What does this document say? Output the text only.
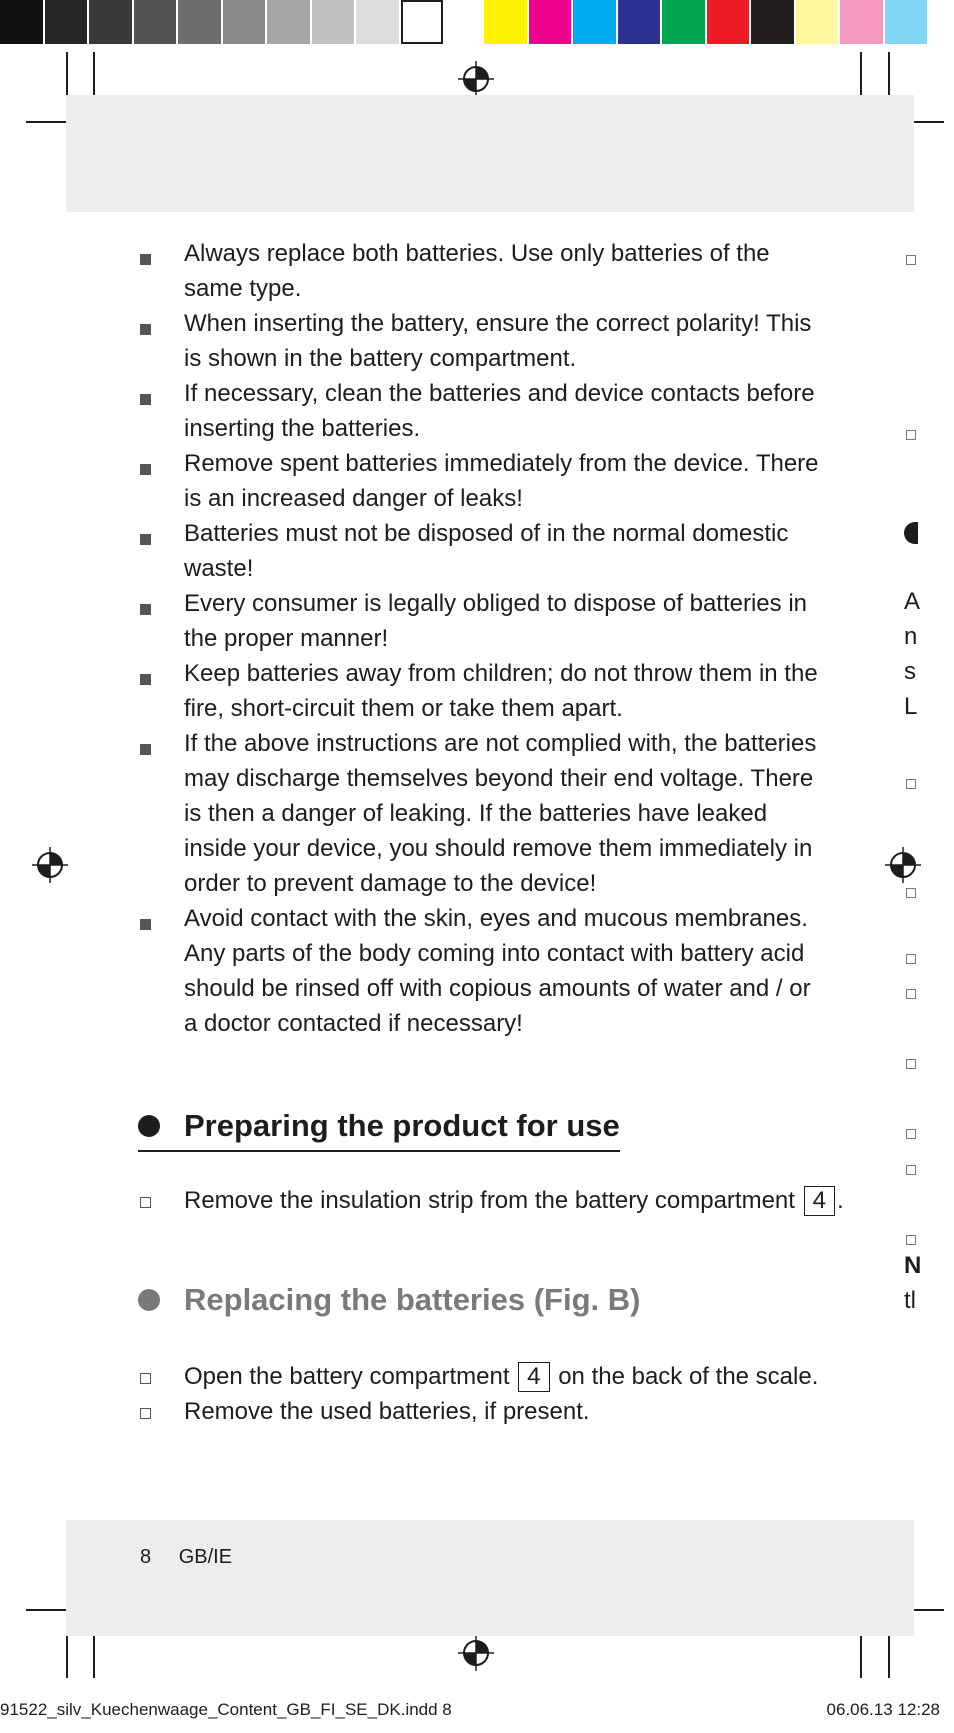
Always replace both batteries. Use only batteries of the same type.
When inserting the battery, ensure the correct polarity! This is shown in the battery compartment.
If necessary, clean the batteries and device contacts before inserting the batteries.
Remove spent batteries immediately from the device. There is an increased danger of leaks!
Batteries must not be disposed of in the normal domestic waste!
Every consumer is legally obliged to dispose of batteries in the proper manner!
Keep batteries away from children; do not throw them in the fire, short-circuit them or take them apart.
If the above instructions are not complied with, the batteries may discharge themselves beyond their end voltage. There is then a danger of leaking. If the batteries have leaked inside your device, you should remove them immediately in order to prevent damage to the device!
Avoid contact with the skin, eyes and mucous membranes. Any parts of the body coming into contact with battery acid should be rinsed off with copious amounts of water and / or a doctor contacted if necessary!
Preparing the product for use
Remove the insulation strip from the battery compartment 4 .
Replacing the batteries (Fig. B)
Open the battery compartment 4 on the back of the scale.
Remove the used batteries, if present.
8 GB/IE
91522_silv_Kuechenwaage_Content_GB_FI_SE_DK.indd 8	06.06.13 12:28
A
n
s
L
N
tl
